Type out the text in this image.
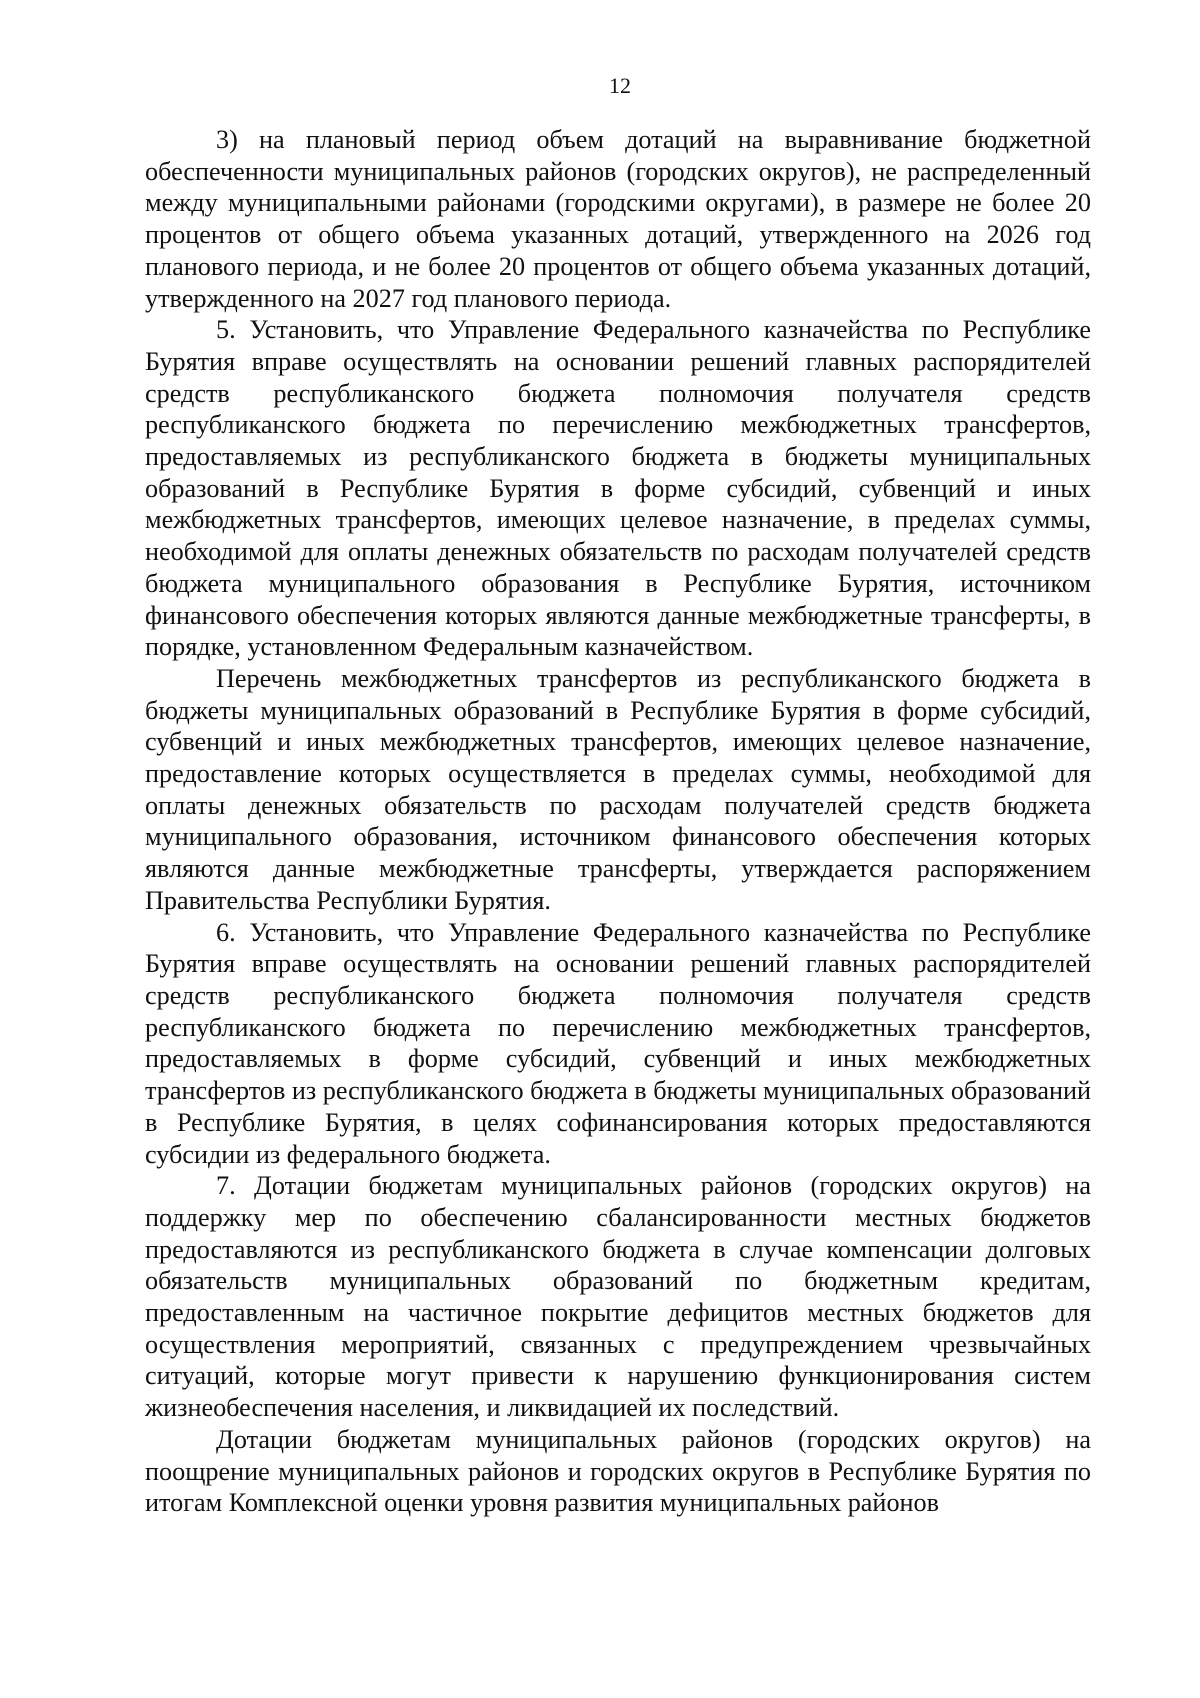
12

3) на плановый период объем дотаций на выравнивание бюджетной обеспеченности муниципальных районов (городских округов), не распределенный между муниципальными районами (городскими округами), в размере не более 20 процентов от общего объема указанных дотаций, утвержденного на 2026 год планового периода, и не более 20 процентов от общего объема указанных дотаций, утвержденного на 2027 год планового периода.

5. Установить, что Управление Федерального казначейства по Республике Бурятия вправе осуществлять на основании решений главных распорядителей средств республиканского бюджета полномочия получателя средств республиканского бюджета по перечислению межбюджетных трансфертов, предоставляемых из республиканского бюджета в бюджеты муниципальных образований в Республике Бурятия в форме субсидий, субвенций и иных межбюджетных трансфертов, имеющих целевое назначение, в пределах суммы, необходимой для оплаты денежных обязательств по расходам получателей средств бюджета муниципального образования в Республике Бурятия, источником финансового обеспечения которых являются данные межбюджетные трансферты, в порядке, установленном Федеральным казначейством.

Перечень межбюджетных трансфертов из республиканского бюджета в бюджеты муниципальных образований в Республике Бурятия в форме субсидий, субвенций и иных межбюджетных трансфертов, имеющих целевое назначение, предоставление которых осуществляется в пределах суммы, необходимой для оплаты денежных обязательств по расходам получателей средств бюджета муниципального образования, источником финансового обеспечения которых являются данные межбюджетные трансферты, утверждается распоряжением Правительства Республики Бурятия.

6. Установить, что Управление Федерального казначейства по Республике Бурятия вправе осуществлять на основании решений главных распорядителей средств республиканского бюджета полномочия получателя средств республиканского бюджета по перечислению межбюджетных трансфертов, предоставляемых в форме субсидий, субвенций и иных межбюджетных трансфертов из республиканского бюджета в бюджеты муниципальных образований в Республике Бурятия, в целях софинансирования которых предоставляются субсидии из федерального бюджета.

7. Дотации бюджетам муниципальных районов (городских округов) на поддержку мер по обеспечению сбалансированности местных бюджетов предоставляются из республиканского бюджета в случае компенсации долговых обязательств муниципальных образований по бюджетным кредитам, предоставленным на частичное покрытие дефицитов местных бюджетов для осуществления мероприятий, связанных с предупреждением чрезвычайных ситуаций, которые могут привести к нарушению функционирования систем жизнеобеспечения населения, и ликвидацией их последствий.

Дотации бюджетам муниципальных районов (городских округов) на поощрение муниципальных районов и городских округов в Республике Бурятия по итогам Комплексной оценки уровня развития муниципальных районов
